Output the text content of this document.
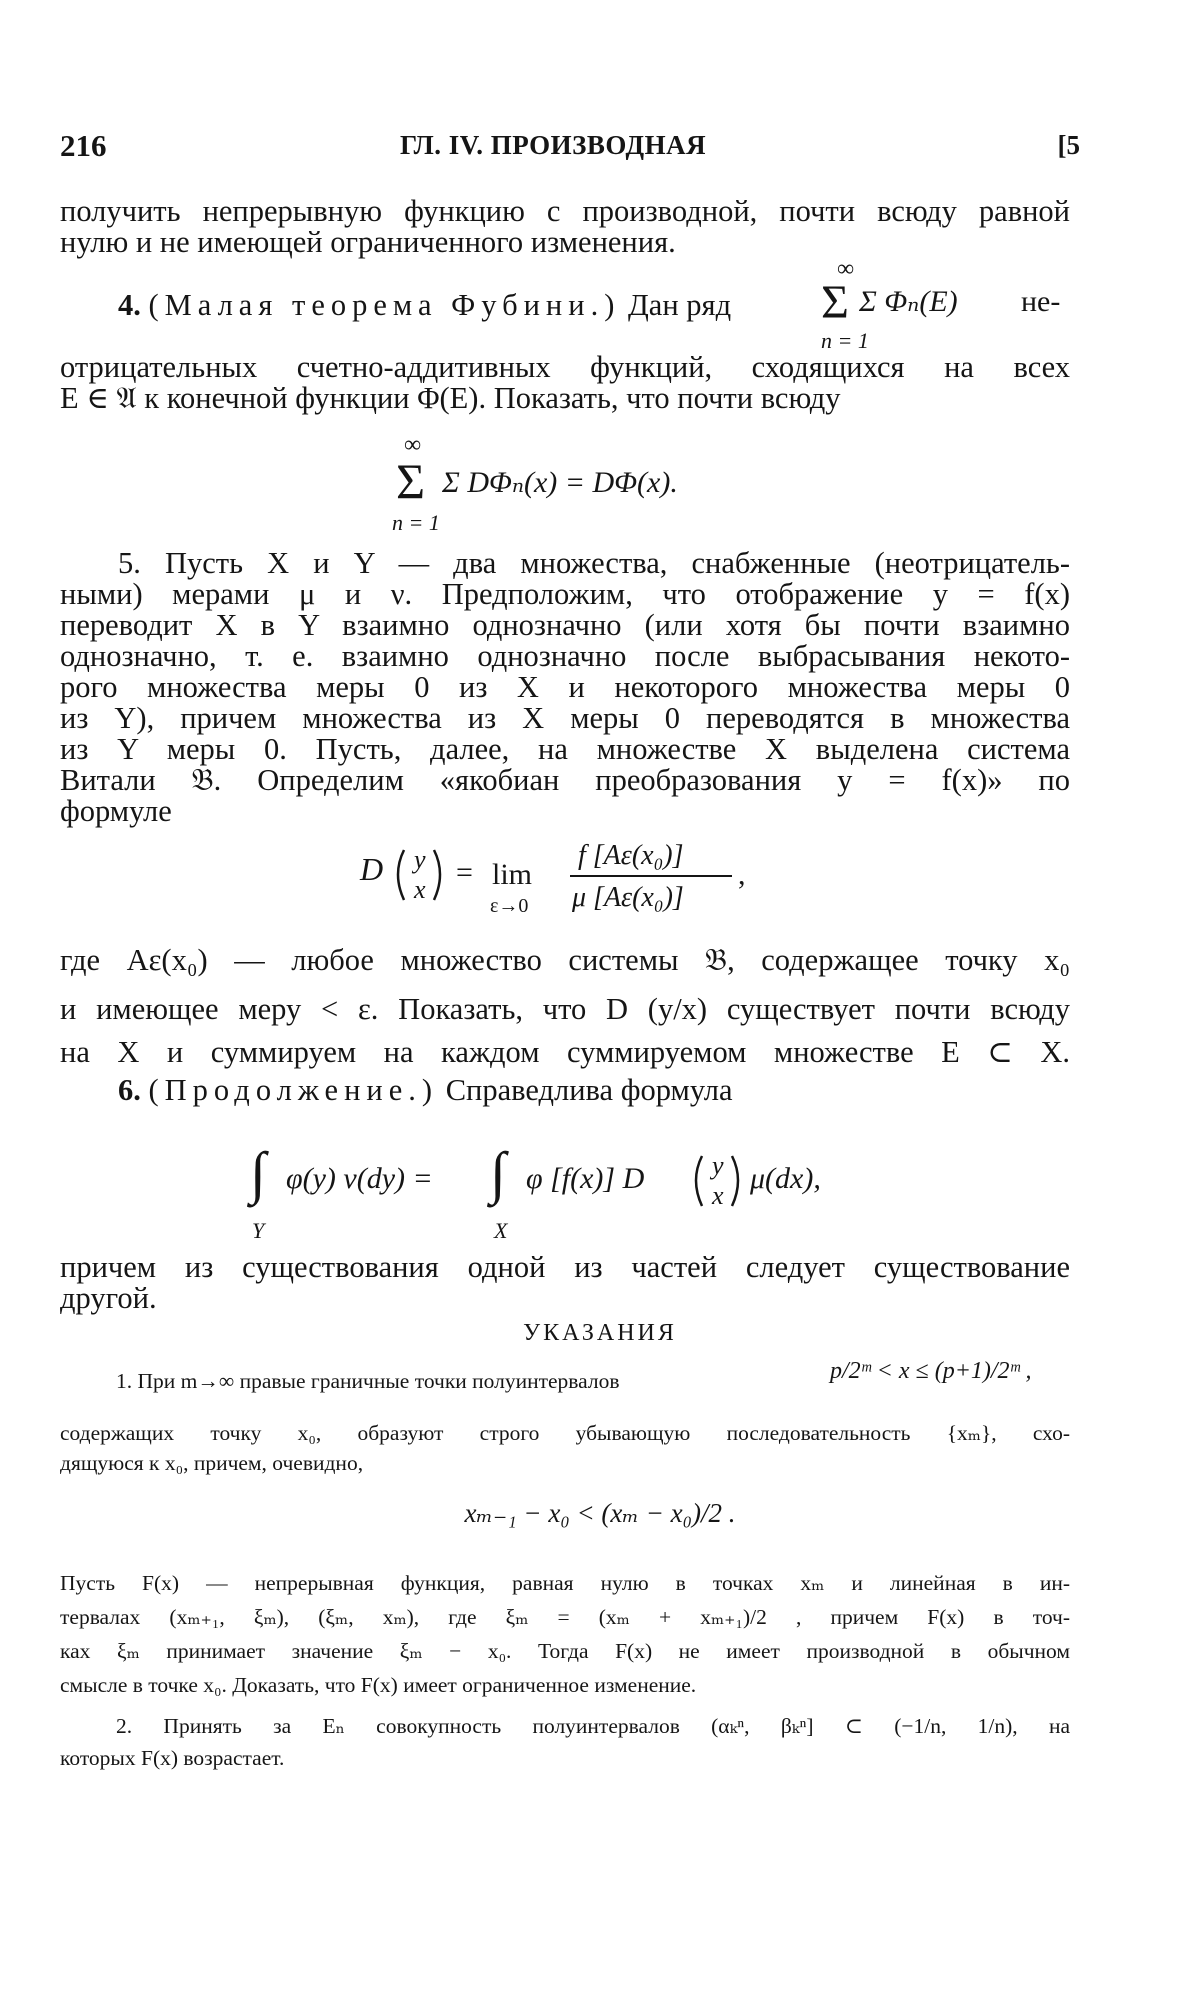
216	ГЛ. IV. ПРОИЗВОДНАЯ	[5
получить непрерывную функцию с производной, почти всюду равной
нулю и не имеющей ограниченного изменения.
4. (Малая теорема Фубини.) Дан ряд
∞
Σ Σ Φₙ(E)
n = 1
не-
отрицательных счетно-аддитивных функций, сходящихся на всех
E ∈ 𝔄 к конечной функции Φ(E). Показать, что почти всюду
∞
Σ Σ DΦₙ(x) = DΦ(x).
n = 1
5. Пусть X и Y — два множества, снабженные (неотрицатель-
ными) мерами μ и ν. Предположим, что отображение y = f(x)
переводит X в Y взаимно однозначно (или хотя бы почти взаимно
однозначно, т. е. взаимно однозначно после выбрасывания некото-
рого множества меры 0 из X и некоторого множества меры 0
из Y), причем множества из X меры 0 переводятся в множества
из Y меры 0. Пусть, далее, на множестве X выделена система
Витали 𝔅. Определим «якобиан преобразования y = f(x)» по
формуле
D y
x
= lim
ε→0
f [Aε(x₀)]
μ [Aε(x₀)]
,
где Aε(x₀) — любое множество системы 𝔅, содержащее точку x₀
и имеющее меру < ε. Показать, что D (y/x) существует почти всюду
на X и суммируем на каждом суммируемом множестве E ⊂ X.
6. (Продолжение.) Справедлива формула
∫
Y
φ(y) ν(dy) = ∫
X
φ [f(x)] D	y
x
μ(dx),
причем из существования одной из частей следует существование
другой.
УКАЗАНИЯ
1. При m→∞ правые граничные точки полуинтервалов	p/2ᵐ < x ≤ (p+1)/2ᵐ ,
содержащих точку x₀, образуют строго убывающую последовательность {xₘ}, схо-
дящуюся к x₀, причем, очевидно,
xₘ₋₁ − x₀ < (xₘ − x₀)/2 .
Пусть F(x) — непрерывная функция, равная нулю в точках xₘ и линейная в ин-
тервалах (xₘ₊₁, ξₘ), (ξₘ, xₘ), где ξₘ = (xₘ + xₘ₊₁)/2 , причем F(x) в точ-
ках ξₘ принимает значение ξₘ − x₀. Тогда F(x) не имеет производной в обычном
смысле в точке x₀. Доказать, что F(x) имеет ограниченное изменение.
2. Принять за Eₙ совокупность полуинтервалов (αₖⁿ, βₖⁿ] ⊂ (−1/n, 1/n), на
которых F(x) возрастает.
